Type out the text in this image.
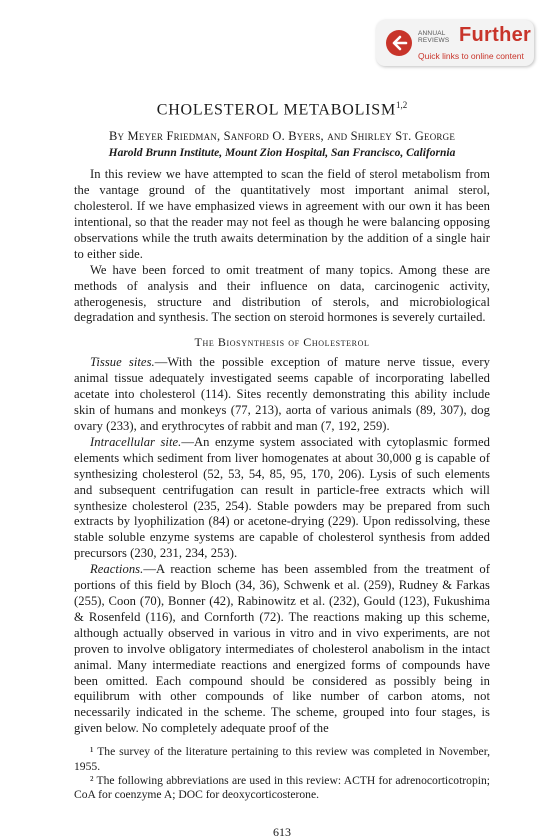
ANNUAL
REVIEWS Further
Quick links to online content
CHOLESTEROL METABOLISM$^{1,2}$
By Meyer Friedman, Sanford O. Byers, and Shirley St. George
Harold Brunn Institute, Mount Zion Hospital, San Francisco, California

In this review we have attempted to scan the field of sterol metabolism from the vantage ground of the quantitatively most important animal sterol, cholesterol. If we have emphasized views in agreement with our own it has been intentional, so that the reader may not feel as though he were balancing opposing observations while the truth awaits determination by the addition of a single hair to either side.

We have been forced to omit treatment of many topics. Among these are methods of analysis and their influence on data, carcinogenic activity, atherogenesis, structure and distribution of sterols, and microbiological degradation and synthesis. The section on steroid hormones is severely curtailed.

The Biosynthesis of Cholesterol

Tissue sites.—With the possible exception of mature nerve tissue, every animal tissue adequately investigated seems capable of incorporating labelled acetate into cholesterol (114). Sites recently demonstrating this ability include skin of humans and monkeys (77, 213), aorta of various animals (89, 307), dog ovary (233), and erythrocytes of rabbit and man (7, 192, 259).

Intracellular site.—An enzyme system associated with cytoplasmic formed elements which sediment from liver homogenates at about 30,000 g is capable of synthesizing cholesterol (52, 53, 54, 85, 95, 170, 206). Lysis of such elements and subsequent centrifugation can result in particle-free extracts which will synthesize cholesterol (235, 254). Stable powders may be prepared from such extracts by lyophilization (84) or acetone-drying (229). Upon redissolving, these stable soluble enzyme systems are capable of cholesterol synthesis from added precursors (230, 231, 234, 253).

Reactions.—A reaction scheme has been assembled from the treatment of portions of this field by Bloch (34, 36), Schwenk et al. (259), Rudney & Farkas (255), Coon (70), Bonner (42), Rabinowitz et al. (232), Gould (123), Fukushima & Rosenfeld (116), and Cornforth (72). The reactions making up this scheme, although actually observed in various in vitro and in vivo experiments, are not proven to involve obligatory intermediates of cholesterol anabolism in the intact animal. Many intermediate reactions and energized forms of compounds have been omitted. Each compound should be considered as possibly being in equilibrum with other compounds of like number of carbon atoms, not necessarily indicated in the scheme. The scheme, grouped into four stages, is given below. No completely adequate proof of the

¹ The survey of the literature pertaining to this review was completed in November, 1955.

² The following abbreviations are used in this review: ACTH for adrenocorticotropin; CoA for coenzyme A; DOC for deoxycorticosterone.

613
